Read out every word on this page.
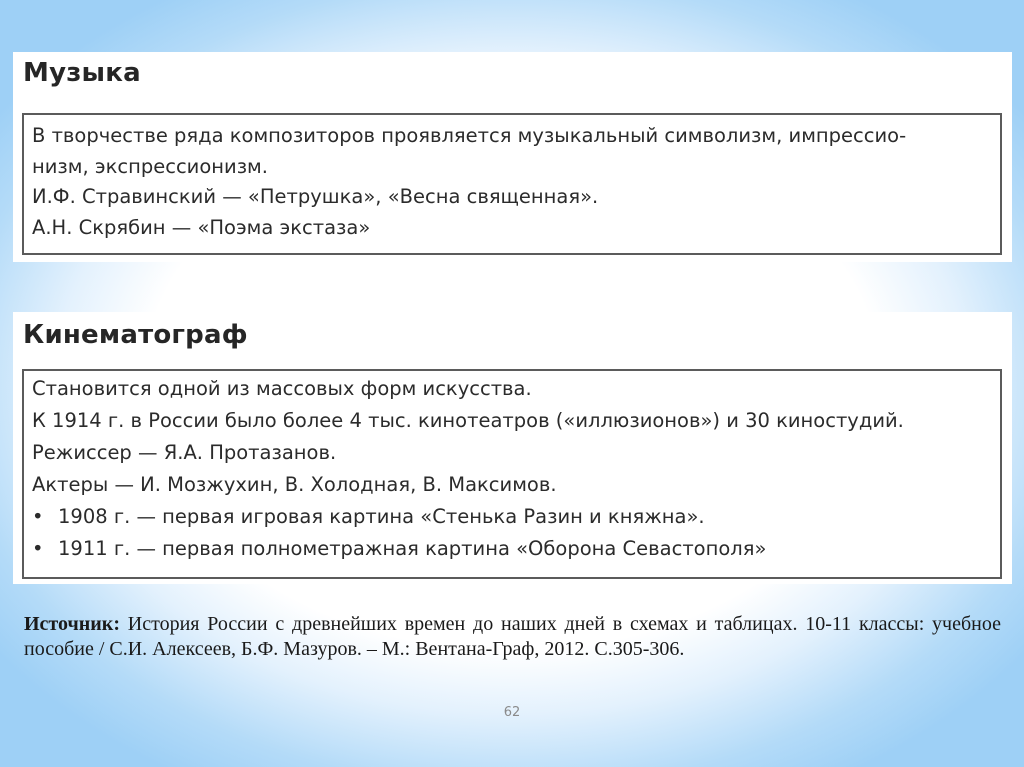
Музыка
В творчестве ряда композиторов проявляется музыкальный символизм, импрессио-
низм, экспрессионизм.
И.Ф. Стравинский — «Петрушка», «Весна священная».
А.Н. Скрябин — «Поэма экстаза»
Кинематограф
Становится одной из массовых форм искусства.
К 1914 г. в России было более 4 тыс. кинотеатров («иллюзионов») и 30 киностудий.
Режиссер — Я.А. Протазанов.
Актеры — И. Мозжухин, В. Холодная, В. Максимов.
• 1908 г. — первая игровая картина «Стенька Разин и княжна».
• 1911 г. — первая полнометражная картина «Оборона Севастополя»
Источник: История России с древнейших времен до наших дней в схемах и таблицах. 10-11 классы: учебное пособие / С.И. Алексеев, Б.Ф. Мазуров. – М.: Вентана-Граф, 2012. С.305-306.
62
